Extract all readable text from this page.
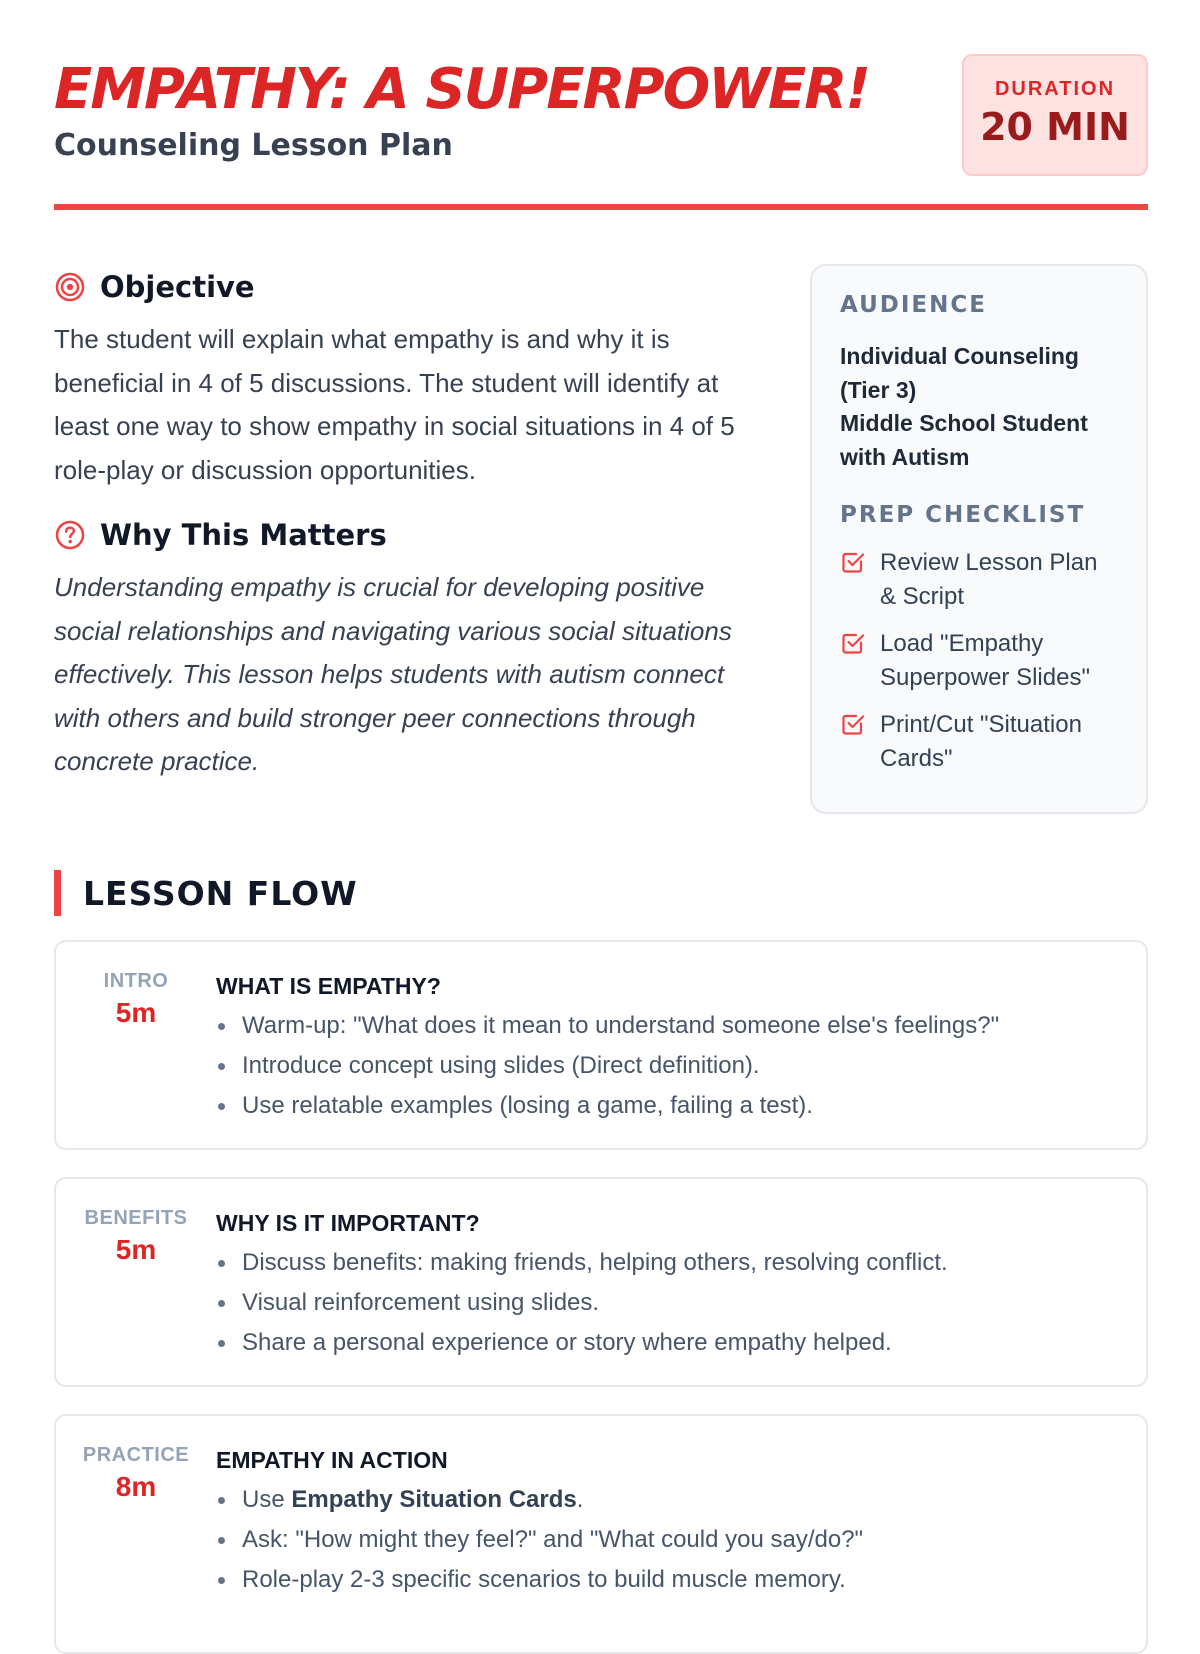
EMPATHY: A SUPERPOWER!
Counseling Lesson Plan
DURATION
20 MIN
Objective

The student will explain what empathy is and why it is beneficial in 4 of 5 discussions. The student will identify at least one way to show empathy in social situations in 4 of 5 role-play or discussion opportunities.

Why This Matters

Understanding empathy is crucial for developing positive social relationships and navigating various social situations effectively. This lesson helps students with autism connect with others and build stronger peer connections through concrete practice.

AUDIENCE
Individual Counseling
(Tier 3)
Middle School Student
with Autism
PREP CHECKLIST
Review Lesson Plan & Script
Load "Empathy Superpower Slides"
Print/Cut "Situation Cards"
LESSON FLOW
INTRO
5m
WHAT IS EMPATHY?
Warm-up: "What does it mean to understand someone else's feelings?"
Introduce concept using slides (Direct definition).
Use relatable examples (losing a game, failing a test).
BENEFITS
5m
WHY IS IT IMPORTANT?
Discuss benefits: making friends, helping others, resolving conflict.
Visual reinforcement using slides.
Share a personal experience or story where empathy helped.
PRACTICE
8m
EMPATHY IN ACTION
Use Empathy Situation Cards.
Ask: "How might they feel?" and "What could you say/do?"
Role-play 2-3 specific scenarios to build muscle memory.
